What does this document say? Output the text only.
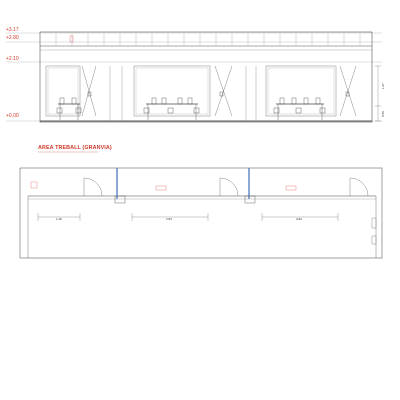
+3.17
+2.80
+2.10
+0.00
AREA TREBALL (GRANVIA)
1.97
0.50
1.49	2.84	2.84
